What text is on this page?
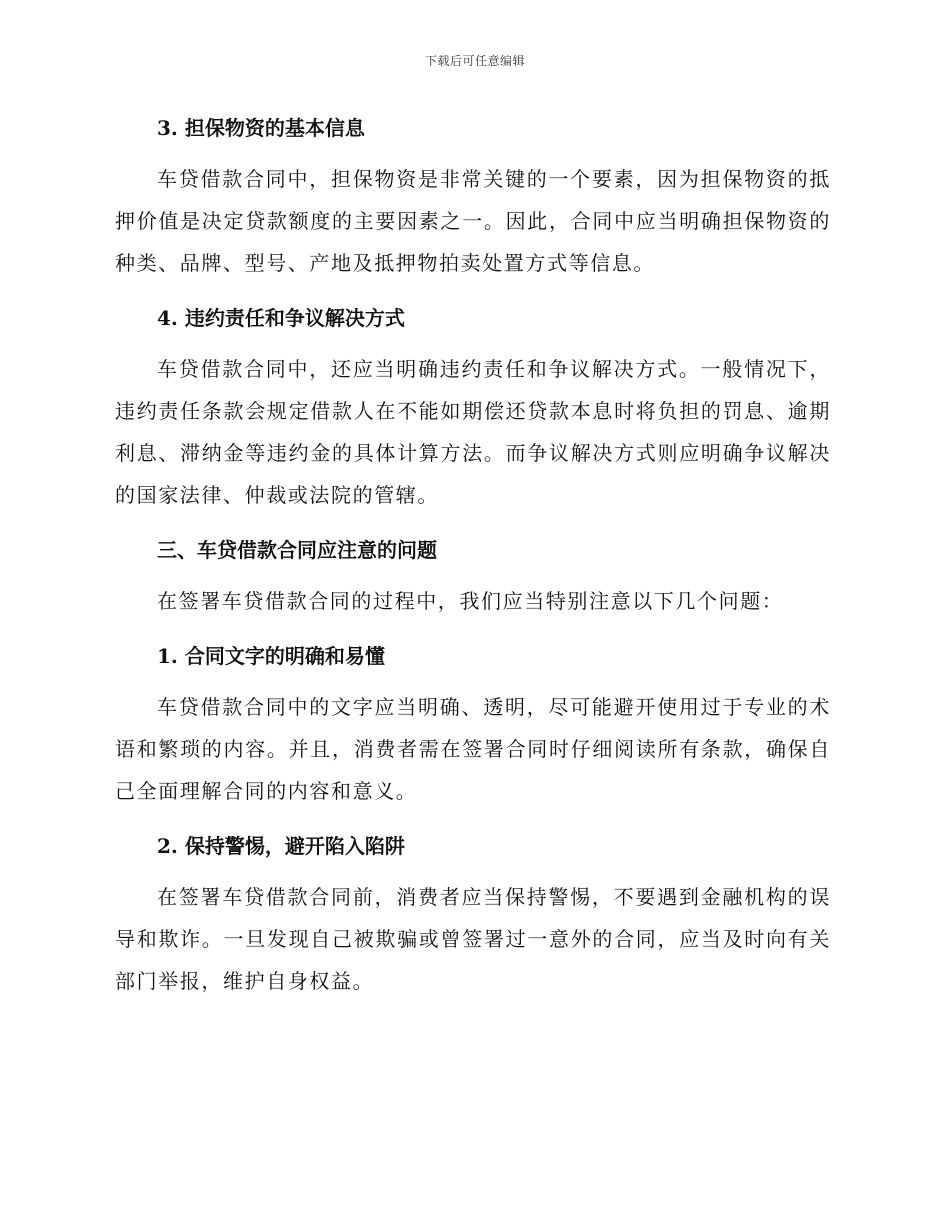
下载后可任意编辑
3. 担保物资的基本信息

车贷借款合同中，担保物资是非常关键的一个要素，因为担保物资的抵押价值是决定贷款额度的主要因素之一。因此，合同中应当明确担保物资的种类、品牌、型号、产地及抵押物拍卖处置方式等信息。

4. 违约责任和争议解决方式

车贷借款合同中，还应当明确违约责任和争议解决方式。一般情况下，违约责任条款会规定借款人在不能如期偿还贷款本息时将负担的罚息、逾期利息、滞纳金等违约金的具体计算方法。而争议解决方式则应明确争议解决的国家法律、仲裁或法院的管辖。

三、车贷借款合同应注意的问题

在签署车贷借款合同的过程中，我们应当特别注意以下几个问题：

1. 合同文字的明确和易懂

车贷借款合同中的文字应当明确、透明，尽可能避开使用过于专业的术语和繁琐的内容。并且，消费者需在签署合同时仔细阅读所有条款，确保自己全面理解合同的内容和意义。

2. 保持警惕，避开陷入陷阱

在签署车贷借款合同前，消费者应当保持警惕，不要遇到金融机构的误导和欺诈。一旦发现自己被欺骗或曾签署过一意外的合同，应当及时向有关部门举报，维护自身权益。
